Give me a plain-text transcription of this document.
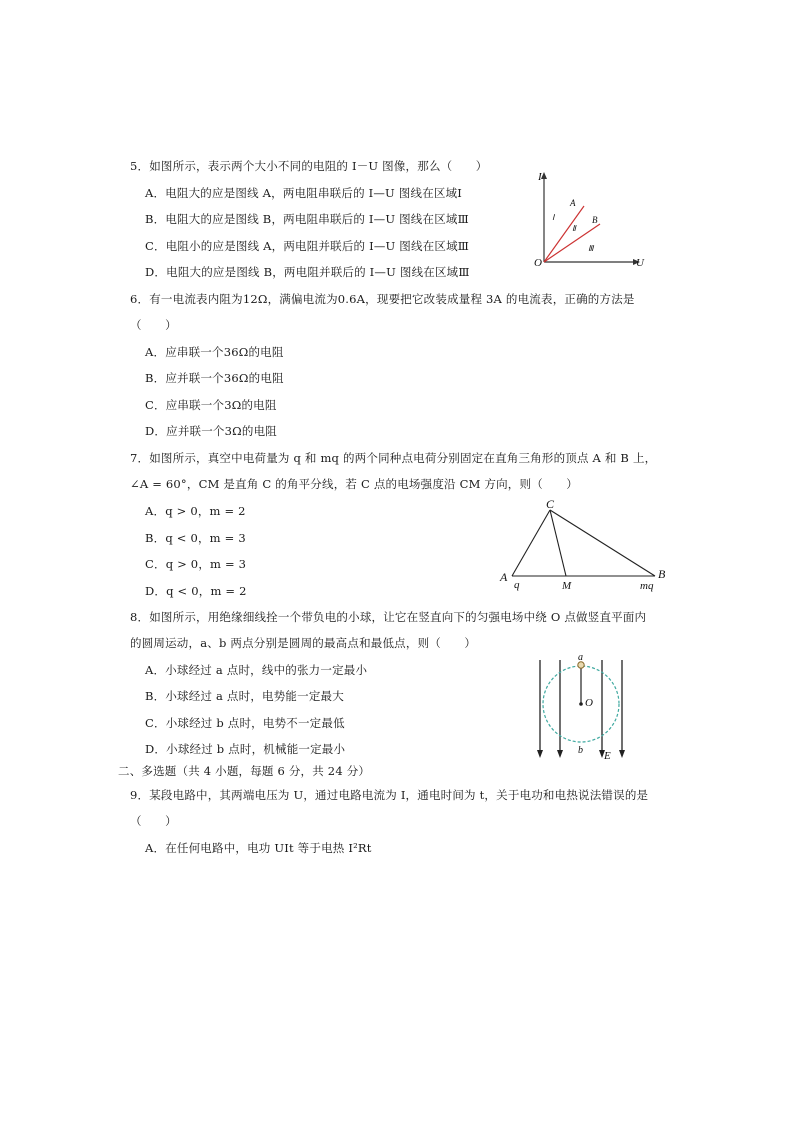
5．如图所示，表示两个大小不同的电阻的 I－U 图像，那么（　　）
A．电阻大的应是图线 A，两电阻串联后的 I—U 图线在区域Ⅰ
B．电阻大的应是图线 B，两电阻串联后的 I—U 图线在区域Ⅲ
C．电阻小的应是图线 A，两电阻并联后的 I—U 图线在区域Ⅲ
D．电阻大的应是图线 B，两电阻并联后的 I—U 图线在区域Ⅲ
I
U
O
A
B
Ⅰ
Ⅱ
Ⅲ
6．有一电流表内阻为12Ω，满偏电流为0.6A，现要把它改装成量程 3A 的电流表，正确的方法是
（　　）
A．应串联一个36Ω的电阻
B．应并联一个36Ω的电阻
C．应串联一个3Ω的电阻
D．应并联一个3Ω的电阻
7．如图所示，真空中电荷量为 q 和 mq 的两个同种点电荷分别固定在直角三角形的顶点 A 和 B 上，
∠A = 60°，CM 是直角 C 的角平分线，若 C 点的电场强度沿 CM 方向，则（　　）
A．q > 0，m = 2
B．q < 0，m = 3
C．q > 0，m = 3
D．q < 0，m = 2
C
A	B
M
q	mq
8．如图所示，用绝缘细线拴一个带负电的小球，让它在竖直向下的匀强电场中绕 O 点做竖直平面内
的圆周运动，a、b 两点分别是圆周的最高点和最低点，则（　　）
A．小球经过 a 点时，线中的张力一定最小
B．小球经过 a 点时，电势能一定最大
C．小球经过 b 点时，电势不一定最低
D．小球经过 b 点时，机械能一定最小
a
O
b E
二、多选题（共 4 小题，每题 6 分，共 24 分）
9．某段电路中，其两端电压为 U，通过电路电流为 I，通电时间为 t，关于电功和电热说法错误的是
（　　）
A．在任何电路中，电功 UIt 等于电热 I²Rt
